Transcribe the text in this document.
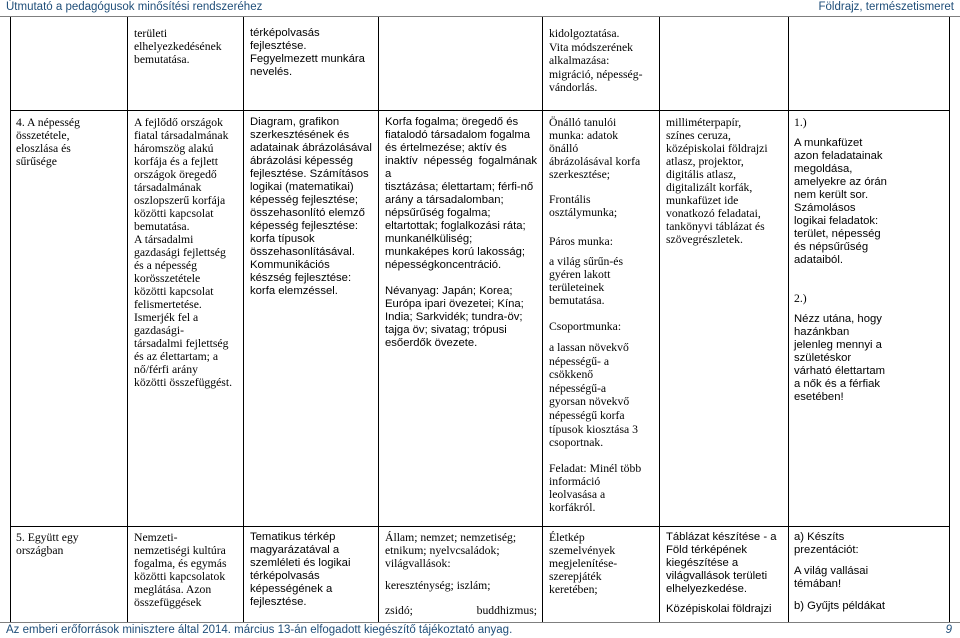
Útmutató a pedagógusok minősítési rendszeréhez	Földrajz, természetismeret
területi
elhelyezkedésének
bemutatása.
térképolvasás
fejlesztése.
Fegyelmezett munkára
nevelés.
kidolgoztatása.
Vita módszerének
alkalmazása:
migráció, népesség-
vándorlás.
4. A népesség
összetétele,
eloszlása és
sűrűsége
A fejlődő országok
fiatal társadalmának
háromszög alakú
korfája és a fejlett
országok öregedő
társadalmának
oszlopszerű korfája
közötti kapcsolat
bemutatása.
A társadalmi
gazdasági fejlettség
és a népesség
korösszetétele
közötti kapcsolat
felismertetése.
Ismerjék fel a
gazdasági-
társadalmi fejlettség
és az élettartam; a
nő/férfi arány
közötti összefüggést.
Diagram, grafikon
szerkesztésének és
adatainak ábrázolásával
ábrázolási képesség
fejlesztése. Számításos
logikai (matematikai)
képesség fejlesztése;
összehasonlító elemző
képesség fejlesztése:
korfa típusok
összehasonlításával.
Kommunikációs
készség fejlesztése:
korfa elemzéssel.
Korfa fogalma; öregedő és
fiatalodó társadalom fogalma
és értelmezése; aktív és
inaktív népesség fogalmának a
tisztázása; élettartam; férfi-nő
arány a társadalomban;
népsűrűség fogalma;
eltartottak; foglalkozási ráta;
munkanélküliség;
munkaképes korú lakosság;
népességkoncentráció.

Névanyag: Japán; Korea;
Európa ipari övezetei; Kína;
India; Sarkvidék; tundra-öv;
tajga öv; sivatag; trópusi
esőerdők övezete.
Önálló tanulói
munka: adatok
önálló
ábrázolásával korfa
szerkesztése;
Frontális
osztálymunka;
Páros munka:
a világ sűrűn-és
gyéren lakott
területeinek
bemutatása.
Csoportmunka:
a lassan növekvő
népességű- a
csökkenő
népességű-a
gyorsan növekvő
népességű korfa
típusok kiosztása 3
csoportnak.
Feladat: Minél több
információ
leolvasása a
korfákról.
milliméterpapír,
színes ceruza,
középiskolai földrajzi
atlasz, projektor,
digitális atlasz,
digitalizált korfák,
munkafüzet ide
vonatkozó feladatai,
tankönyvi táblázat és
szövegrészletek.
1.)
A munkafüzet
azon feladatainak
megoldása,
amelyekre az órán
nem került sor.
Számolásos
logikai feladatok:
terület, népesség
és népsűrűség
adataiból.
2.)
Nézz utána, hogy
hazánkban
jelenleg mennyi a
születéskor
várható élettartam
a nők és a férfiak
esetében!
5. Együtt egy
országban
Nemzeti-
nemzetiségi kultúra
fogalma, és egymás
közötti kapcsolatok
meglátása. Azon
összefüggések
Tematikus térkép
magyarázatával a
szemléleti és logikai
térképolvasás
képességének a
fejlesztése.
Állam; nemzet; nemzetiség;
etnikum; nyelvcsaládok;
világvallások:
kereszténység; iszlám;
zsidó; buddhizmus;
Életkép
szemelvények
megjelenítése-
szerepjáték
keretében;
Táblázat készítése - a
Föld térképének
kiegészítése a
világvallások területi
elhelyezkedése.
Középiskolai földrajzi
a) Készíts
prezentációt:
A világ vallásai
témában!
b) Gyűjts példákat
Az emberi erőforrások minisztere által 2014. március 13-án elfogadott kiegészítő tájékoztató anyag.	9
